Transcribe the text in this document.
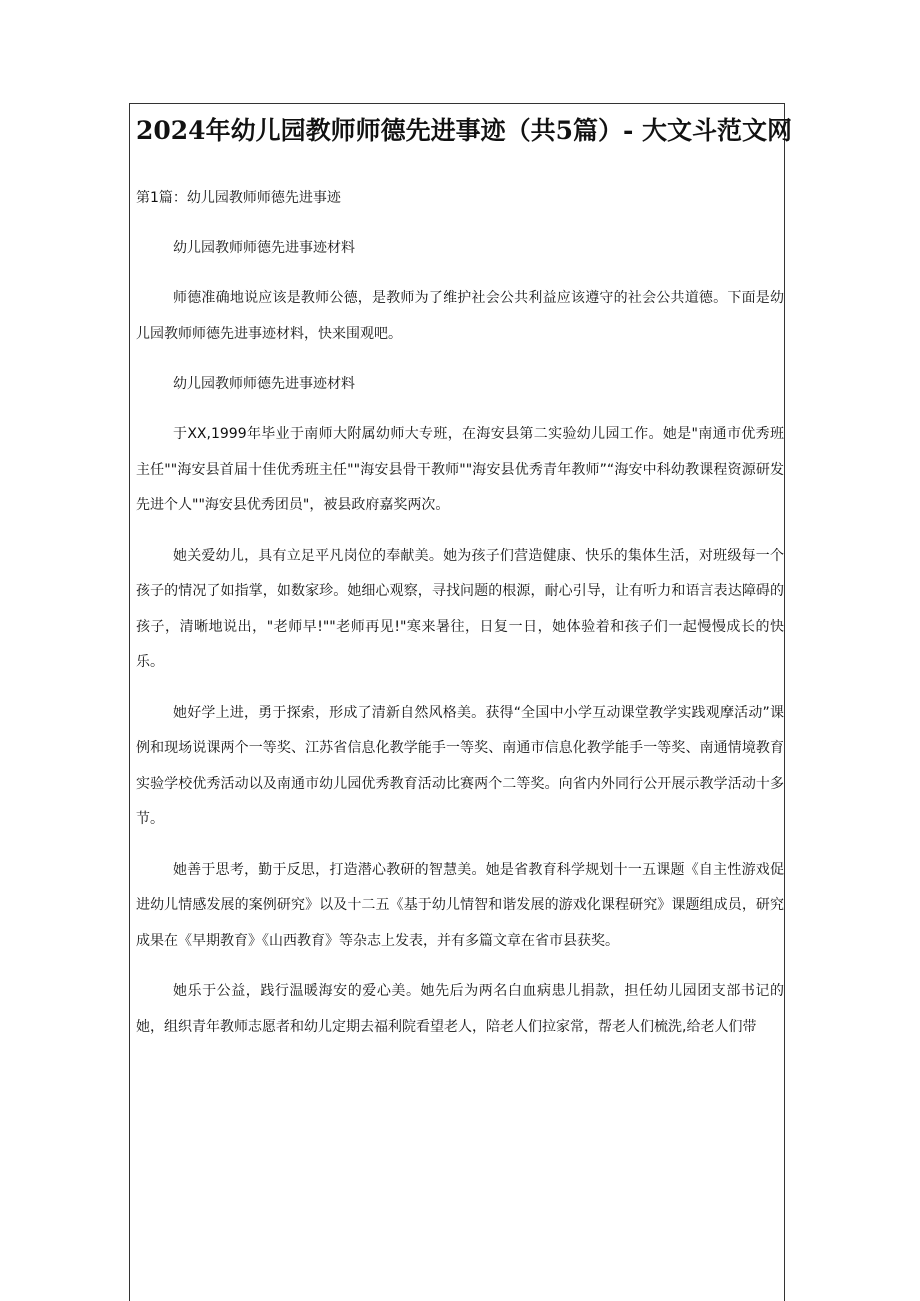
2024年幼儿园教师师德先进事迹（共5篇）- 大文斗范文网

第1篇：幼儿园教师师德先进事迹

幼儿园教师师德先进事迹材料

师德准确地说应该是教师公德，是教师为了维护社会公共利益应该遵守的社会公共道德。下面是幼儿园教师师德先进事迹材料，快来围观吧。

幼儿园教师师德先进事迹材料

于XX,1999年毕业于南师大附属幼师大专班，在海安县第二实验幼儿园工作。她是"南通市优秀班主任""海安县首届十佳优秀班主任""海安县骨干教师""海安县优秀青年教师”“海安中科幼教课程资源研发先进个人""海安县优秀团员"，被县政府嘉奖两次。

她关爱幼儿，具有立足平凡岗位的奉献美。她为孩子们营造健康、快乐的集体生活，对班级每一个孩子的情况了如指掌，如数家珍。她细心观察，寻找问题的根源，耐心引导，让有听力和语言表达障碍的孩子，清晰地说出，"老师早!""老师再见!"寒来暑往，日复一日，她体验着和孩子们一起慢慢成长的快乐。

她好学上进，勇于探索，形成了清新自然风格美。获得“全国中小学互动课堂教学实践观摩活动”课例和现场说课两个一等奖、江苏省信息化教学能手一等奖、南通市信息化教学能手一等奖、南通情境教育实验学校优秀活动以及南通市幼儿园优秀教育活动比赛两个二等奖。向省内外同行公开展示教学活动十多节。

她善于思考，勤于反思，打造潜心教研的智慧美。她是省教育科学规划十一五课题《自主性游戏促进幼儿情感发展的案例研究》以及十二五《基于幼儿情智和谐发展的游戏化课程研究》课题组成员，研究成果在《早期教育》《山西教育》等杂志上发表，并有多篇文章在省市县获奖。

她乐于公益，践行温暖海安的爱心美。她先后为两名白血病患儿捐款，担任幼儿园团支部书记的她，组织青年教师志愿者和幼儿定期去福利院看望老人，陪老人们拉家常，帮老人们梳洗,给老人们带
